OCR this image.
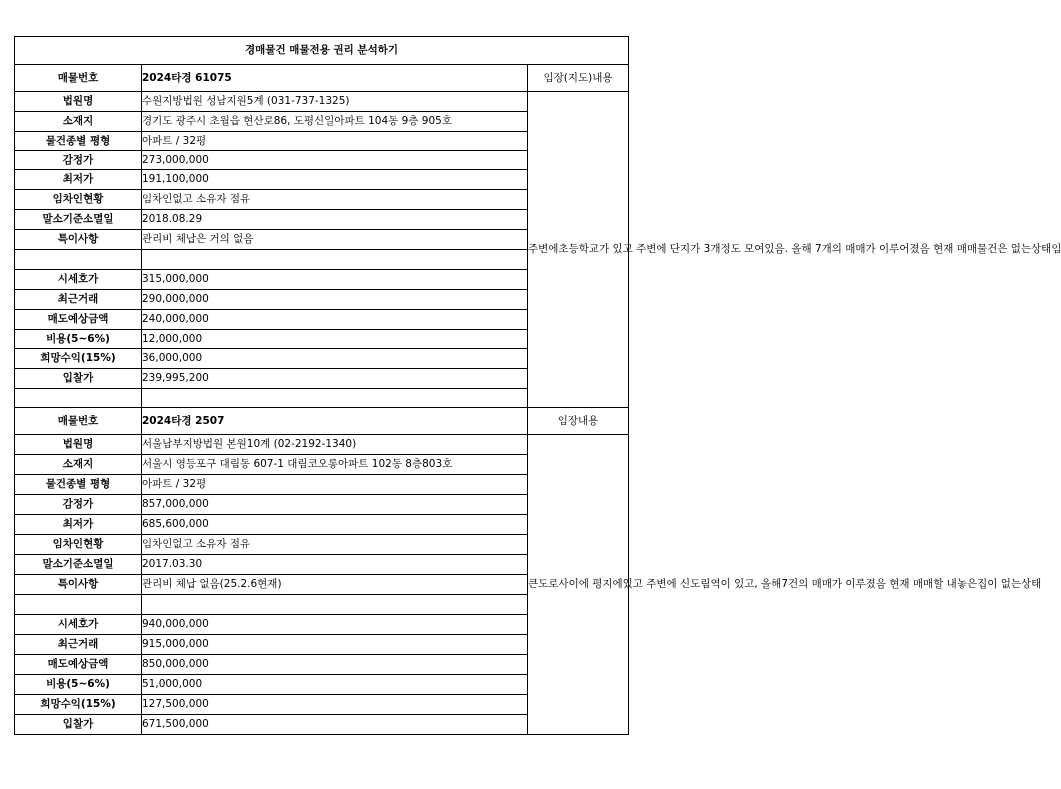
경매물건 매물전용 권리 분석하기		
매물번호	2024타경 61075	임장(지도)내용
법원명	수원지방법원 성남지원5계 (031-737-1325)	주변에초등학교가 있고 주변에 단지가 3개정도 모여있음. 올해 7개의 매매가 이루어졌음 현재 매매물건은 없는상태임
소재지	경기도 광주시 초월읍 현산로86, 도평신일아파트 104동 9층 905호	
물건종별 평형	아파트 / 32평	
감정가	273,000,000	
최저가	191,100,000	
임차인현황	임차인없고 소유자 점유	
말소기준소멸일	2018.08.29	
특이사항	관리비 체납은 거의 없음	

시세호가	315,000,000	
최근거래	290,000,000	
매도예상금액	240,000,000	
비용(5~6%)	12,000,000	
희망수익(15%)	36,000,000	
입찰가	239,995,200	

매물번호	2024타경 2507	임장내용
법원명	서울남부지방법원 본원10계 (02-2192-1340)	큰도로사이에 평지에있고 주변에 신도림역이 있고, 올해7건의 매매가 이루졌음 현재 매매할 내놓은집이 없는상태
소재지	서울시 영등포구 대림동 607-1 대림코오롱아파트 102동 8층803호	
물건종별 평형	아파트 / 32평	
감정가	857,000,000	
최저가	685,600,000	
임차인현황	임차인없고 소유자 점유	
말소기준소멸일	2017.03.30	
특이사항	관리비 체납 없음(25.2.6현재)	

시세호가	940,000,000	
최근거래	915,000,000	
매도예상금액	850,000,000	
비용(5~6%)	51,000,000	
희망수익(15%)	127,500,000	
입찰가	671,500,000	
